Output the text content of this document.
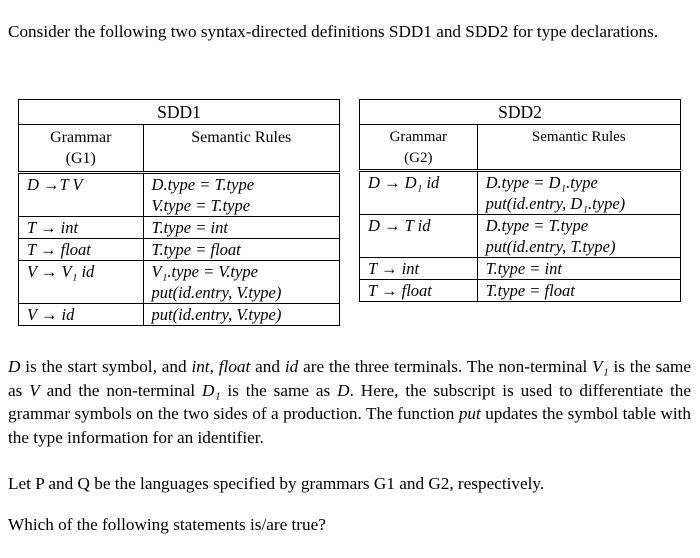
Consider the following two syntax-directed definitions SDD1 and SDD2 for type declarations.

SDD1	
Grammar
(G1)	Semantic Rules

D →T V	D.type = T.type
V.type = T.type

T → int	T.type = int

T → float	T.type = float

V → V₁ id	V₁.type = V.type
put(id.entry, V.type)

V → id	put(id.entry, V.type)
SDD2	
Grammar
(G2)	Semantic Rules

D → D₁ id	D.type = D₁.type
put(id.entry, D₁.type)

D → T id	D.type = T.type
put(id.entry, T.type)

T → int	T.type = int

T → float	T.type = float

D is the start symbol, and int, float and id are the three terminals. The non-terminal V₁ is the same as V and the non-terminal D₁ is the same as D. Here, the subscript is used to differentiate the grammar symbols on the two sides of a production. The function put updates the symbol table with the type information for an identifier.

Let P and Q be the languages specified by grammars G1 and G2, respectively.

Which of the following statements is/are true?
